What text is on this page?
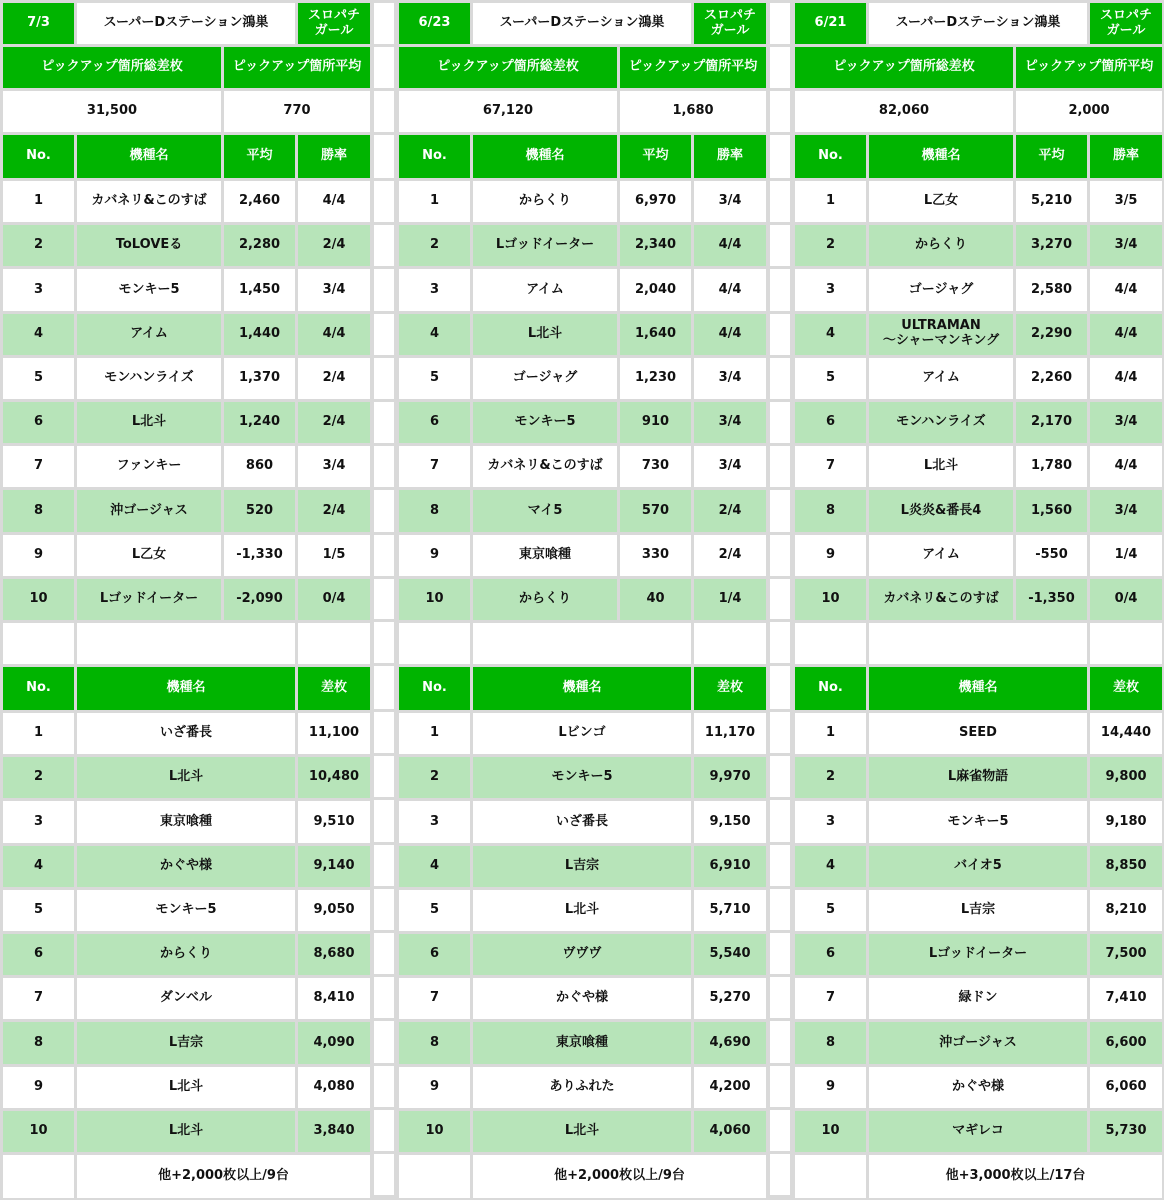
7/3	スーパーDステーション鴻巣	スロパチ
ガール
ピックアップ箇所総差枚	ピックアップ箇所平均
31,500	770
No.	機種名	平均	勝率
1	カバネリ&このすば	2,460	4/4
2	ToLOVEる	2,280	2/4
3	モンキー5	1,450	3/4
4	アイム	1,440	4/4
5	モンハンライズ	1,370	2/4
6	L北斗	1,240	2/4
7	ファンキー	860	3/4
8	沖ゴージャス	520	2/4
9	L乙女	-1,330	1/5
10	Lゴッドイーター	-2,090	0/4
No.	機種名	差枚
1	いざ番長	11,100
2	L北斗	10,480
3	東京喰種	9,510
4	かぐや様	9,140
5	モンキー5	9,050
6	からくり	8,680
7	ダンベル	8,410
8	L吉宗	4,090
9	L北斗	4,080
10	L北斗	3,840
他+2,000枚以上/9台
6/23	スーパーDステーション鴻巣	スロパチ
ガール
ピックアップ箇所総差枚	ピックアップ箇所平均
67,120	1,680
No.	機種名	平均	勝率
1	からくり	6,970	3/4
2	Lゴッドイーター	2,340	4/4
3	アイム	2,040	4/4
4	L北斗	1,640	4/4
5	ゴージャグ	1,230	3/4
6	モンキー5	910	3/4
7	カバネリ&このすば	730	3/4
8	マイ5	570	2/4
9	東京喰種	330	2/4
10	からくり	40	1/4
No.	機種名	差枚
1	Lビンゴ	11,170
2	モンキー5	9,970
3	いざ番長	9,150
4	L吉宗	6,910
5	L北斗	5,710
6	ヴヴヴ	5,540
7	かぐや様	5,270
8	東京喰種	4,690
9	ありふれた	4,200
10	L北斗	4,060
他+2,000枚以上/9台
6/21	スーパーDステーション鴻巣	スロパチ
ガール
ピックアップ箇所総差枚	ピックアップ箇所平均
82,060	2,000
No.	機種名	平均	勝率
1	L乙女	5,210	3/5
2	からくり	3,270	3/4
3	ゴージャグ	2,580	4/4
4	ULTRAMAN
～シャーマンキング	2,290	4/4
5	アイム	2,260	4/4
6	モンハンライズ	2,170	3/4
7	L北斗	1,780	4/4
8	L炎炎&番長4	1,560	3/4
9	アイム	-550	1/4
10	カバネリ&このすば	-1,350	0/4
No.	機種名	差枚
1	SEED	14,440
2	L麻雀物語	9,800
3	モンキー5	9,180
4	バイオ5	8,850
5	L吉宗	8,210
6	Lゴッドイーター	7,500
7	緑ドン	7,410
8	沖ゴージャス	6,600
9	かぐや様	6,060
10	マギレコ	5,730
他+3,000枚以上/17台
